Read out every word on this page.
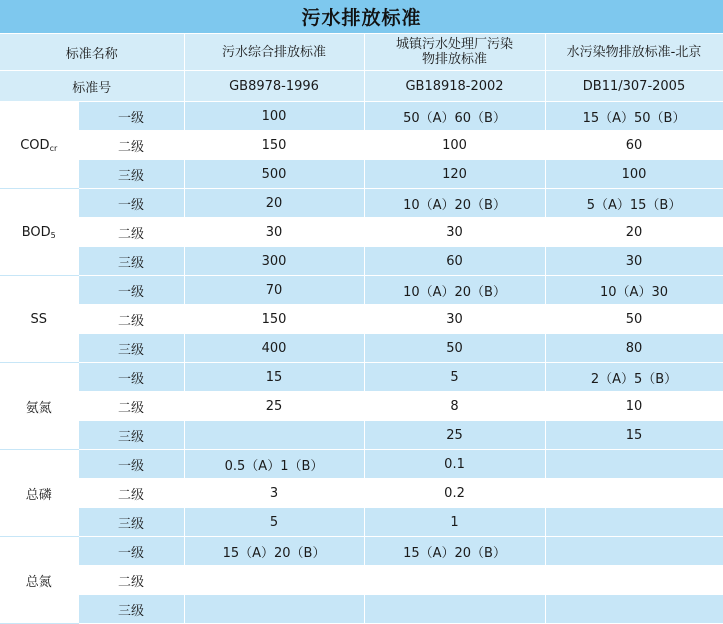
污水排放标准
标准名称		污水综合排放标准	城镇污水处理厂污染物排放标准	水污染物排放标准-北京
标准号		GB8978-1996	GB18918-2002	DB11/307-2005
$COD_{cr}$	一级	100	50（A）60（B）	15（A）50（B）
	二级	150	100	60
	三级	500	120	100
$BOD_5$	一级	20	10（A）20（B）	5（A）15（B）
	二级	30	30	20
	三级	300	60	30
SS	一级	70	10（A）20（B）	10（A）30
	二级	150	30	50
	三级	400	50	80
氨氮	一级	15	5	2（A）5（B）
	二级	25	8	10
	三级		25	15
总磷	一级	0.5（A）1（B）	0.1	
	二级	3	0.2	
	三级	5	1	
总氮	一级	15（A）20（B）	15（A）20（B）	
	二级			
	三级			
